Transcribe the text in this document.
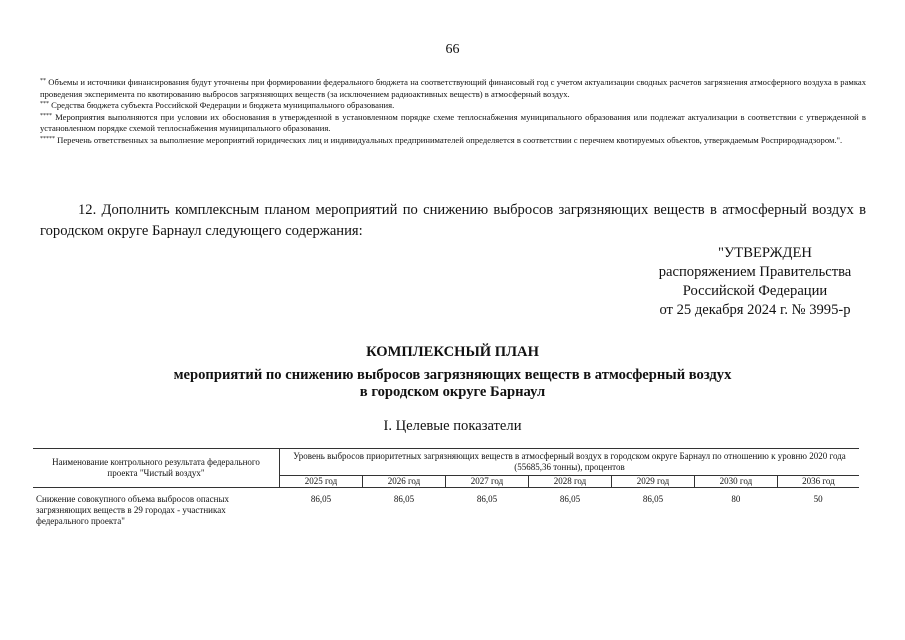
66

** Объемы и источники финансирования будут уточнены при формировании федерального бюджета на соответствующий финансовый год с учетом актуализации сводных расчетов загрязнения атмосферного воздуха в рамках проведения эксперимента по квотированию выбросов загрязняющих веществ (за исключением радиоактивных веществ) в атмосферный воздух.

*** Средства бюджета субъекта Российской Федерации и бюджета муниципального образования.

**** Мероприятия выполняются при условии их обоснования в утвержденной в установленном порядке схеме теплоснабжения муниципального образования или подлежат актуализации в соответствии с утвержденной в установленном порядке схемой теплоснабжения муниципального образования.

***** Перечень ответственных за выполнение мероприятий юридических лиц и индивидуальных предпринимателей определяется в соответствии с перечнем квотируемых объектов, утверждаемым Росприроднадзором.".

12. Дополнить комплексным планом мероприятий по снижению выбросов загрязняющих веществ в атмосферный воздух в городском округе Барнаул следующего содержания:

"УТВЕРЖДЕН
распоряжением Правительства
Российской Федерации
от 25 декабря 2024 г. № 3995-р
КОМПЛЕКСНЫЙ ПЛАН
мероприятий по снижению выбросов загрязняющих веществ в атмосферный воздух
в городском округе Барнаул
I. Целевые показатели
Наименование контрольного результата федерального проекта "Чистый воздух"	Уровень выбросов приоритетных загрязняющих веществ в атмосферный воздух в городском округе Барнаул по отношению к уровню 2020 года (55685,36 тонны), процентов						
	2025 год	2026 год	2027 год	2028 год	2029 год	2030 год	2036 год
Снижение совокупного объема выбросов опасных загрязняющих веществ в 29 городах - участниках федерального проекта"	86,05	86,05	86,05	86,05	86,05	80	50
